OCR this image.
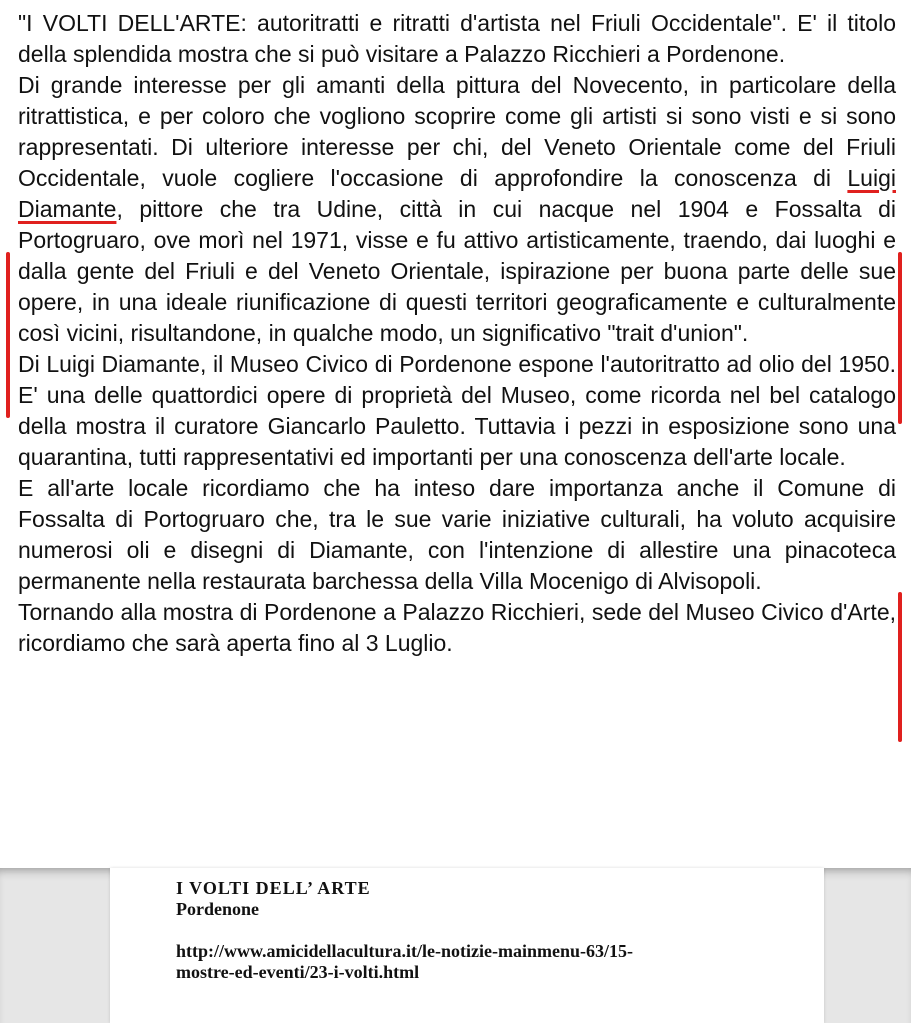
"I VOLTI DELL'ARTE: autoritratti e ritratti d'artista nel Friuli Occidentale". E' il titolo della splendida mostra che si può visitare a Palazzo Ricchieri a Pordenone.

Di grande interesse per gli amanti della pittura del Novecento, in particolare della ritrattistica, e per coloro che vogliono scoprire come gli artisti si sono visti e si sono rappresentati. Di ulteriore interesse per chi, del Veneto Orientale come del Friuli Occidentale, vuole cogliere l'occasione di approfondire la conoscenza di Luigi Diamante, pittore che tra Udine, città in cui nacque nel 1904 e Fossalta di Portogruaro, ove morì nel 1971, visse e fu attivo artisticamente, traendo, dai luoghi e dalla gente del Friuli e del Veneto Orientale, ispirazione per buona parte delle sue opere, in una ideale riunificazione di questi territori geograficamente e culturalmente così vicini, risultandone, in qualche modo, un significativo "trait d'union".

Di Luigi Diamante, il Museo Civico di Pordenone espone l'autoritratto ad olio del 1950. E' una delle quattordici opere di proprietà del Museo, come ricorda nel bel catalogo della mostra il curatore Giancarlo Pauletto. Tuttavia i pezzi in esposizione sono una quarantina, tutti rappresentativi ed importanti per una conoscenza dell'arte locale.

E all'arte locale ricordiamo che ha inteso dare importanza anche il Comune di Fossalta di Portogruaro che, tra le sue varie iniziative culturali, ha voluto acquisire numerosi oli e disegni di Diamante, con l'intenzione di allestire una pinacoteca permanente nella restaurata barchessa della Villa Mocenigo di Alvisopoli.

Tornando alla mostra di Pordenone a Palazzo Ricchieri, sede del Museo Civico d'Arte, ricordiamo che sarà aperta fino al 3 Luglio.

I VOLTI DELL’ ARTE
Pordenone
http://www.amicidellacultura.it/le-notizie-mainmenu-63/15-
mostre-ed-eventi/23-i-volti.html
